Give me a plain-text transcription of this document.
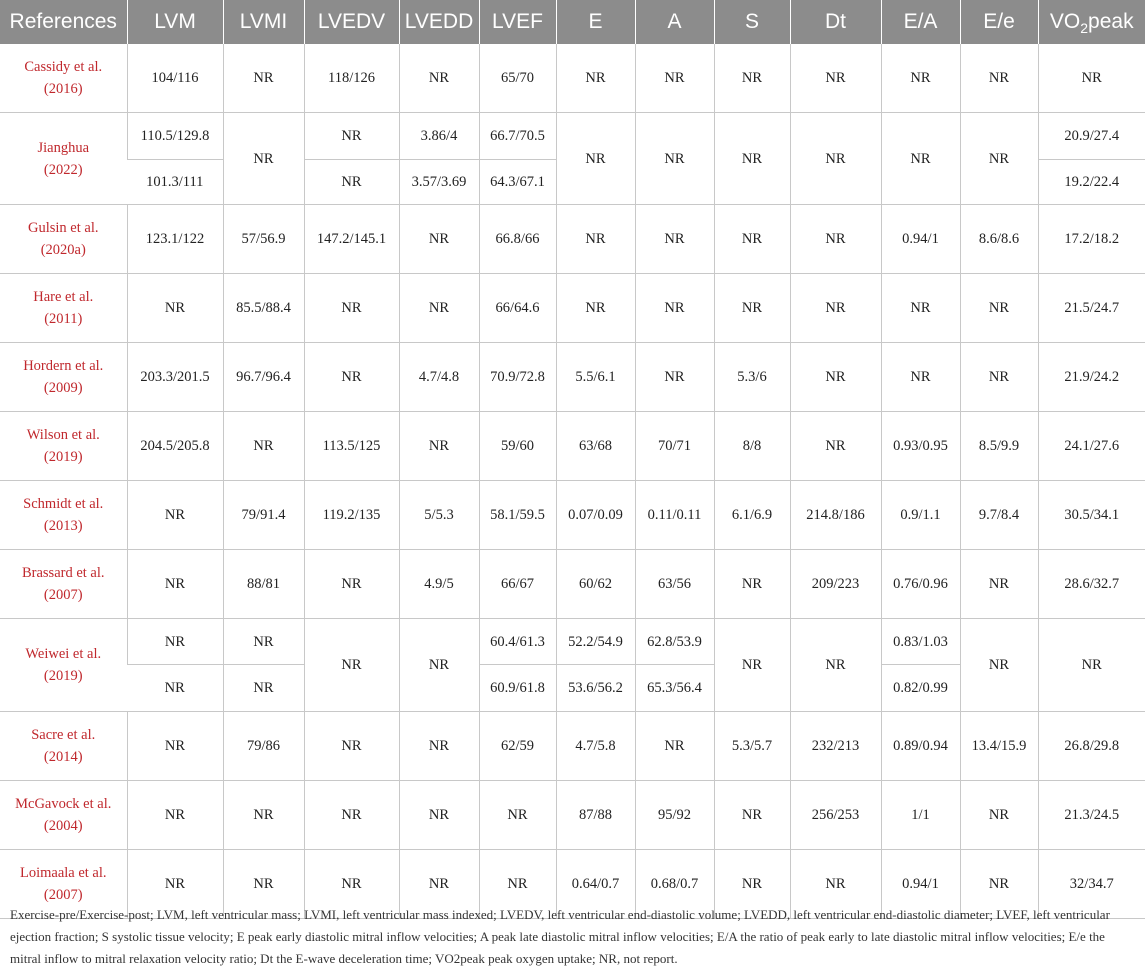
References	LVM	LVMI	LVEDV	LVEDD	LVEF	E	A	S	Dt	E/A	E/e	$VO_2peak$
Cassidy et al.
(2016)	104/116	NR	118/126	NR	65/70	NR	NR	NR	NR	NR	NR	NR
Jianghua
(2022)	110.5/129.8	NR	NR	3.86/4	66.7/70.5	NR	NR	NR	NR	NR	NR	20.9/27.4
	101.3/111		NR	3.57/3.69	64.3/67.1							19.2/22.4
Gulsin et al.
(2020a)	123.1/122	57/56.9	147.2/145.1	NR	66.8/66	NR	NR	NR	NR	0.94/1	8.6/8.6	17.2/18.2
Hare et al.
(2011)	NR	85.5/88.4	NR	NR	66/64.6	NR	NR	NR	NR	NR	NR	21.5/24.7
Hordern et al.
(2009)	203.3/201.5	96.7/96.4	NR	4.7/4.8	70.9/72.8	5.5/6.1	NR	5.3/6	NR	NR	NR	21.9/24.2
Wilson et al.
(2019)	204.5/205.8	NR	113.5/125	NR	59/60	63/68	70/71	8/8	NR	0.93/0.95	8.5/9.9	24.1/27.6
Schmidt et al.
(2013)	NR	79/91.4	119.2/135	5/5.3	58.1/59.5	0.07/0.09	0.11/0.11	6.1/6.9	214.8/186	0.9/1.1	9.7/8.4	30.5/34.1
Brassard et al.
(2007)	NR	88/81	NR	4.9/5	66/67	60/62	63/56	NR	209/223	0.76/0.96	NR	28.6/32.7
Weiwei et al.
(2019)	NR	NR	NR	NR	60.4/61.3	52.2/54.9	62.8/53.9	NR	NR	0.83/1.03	NR	NR
	NR	NR			60.9/61.8	53.6/56.2	65.3/56.4			0.82/0.99		
Sacre et al.
(2014)	NR	79/86	NR	NR	62/59	4.7/5.8	NR	5.3/5.7	232/213	0.89/0.94	13.4/15.9	26.8/29.8
McGavock et al.
(2004)	NR	NR	NR	NR	NR	87/88	95/92	NR	256/253	1/1	NR	21.3/24.5
Loimaala et al.
(2007)	NR	NR	NR	NR	NR	0.64/0.7	0.68/0.7	NR	NR	0.94/1	NR	32/34.7
Exercise-pre/Exercise-post; LVM, left ventricular mass; LVMI, left ventricular mass indexed; LVEDV, left ventricular end-diastolic volume; LVEDD, left ventricular end-diastolic diameter; LVEF, left ventricular ejection fraction; S systolic tissue velocity; E peak early diastolic mitral inflow velocities; A peak late diastolic mitral inflow velocities; E/A the ratio of peak early to late diastolic mitral inflow velocities; E/e the mitral inflow to mitral relaxation velocity ratio; Dt the E-wave deceleration time; VO2peak peak oxygen uptake; NR, not report.
